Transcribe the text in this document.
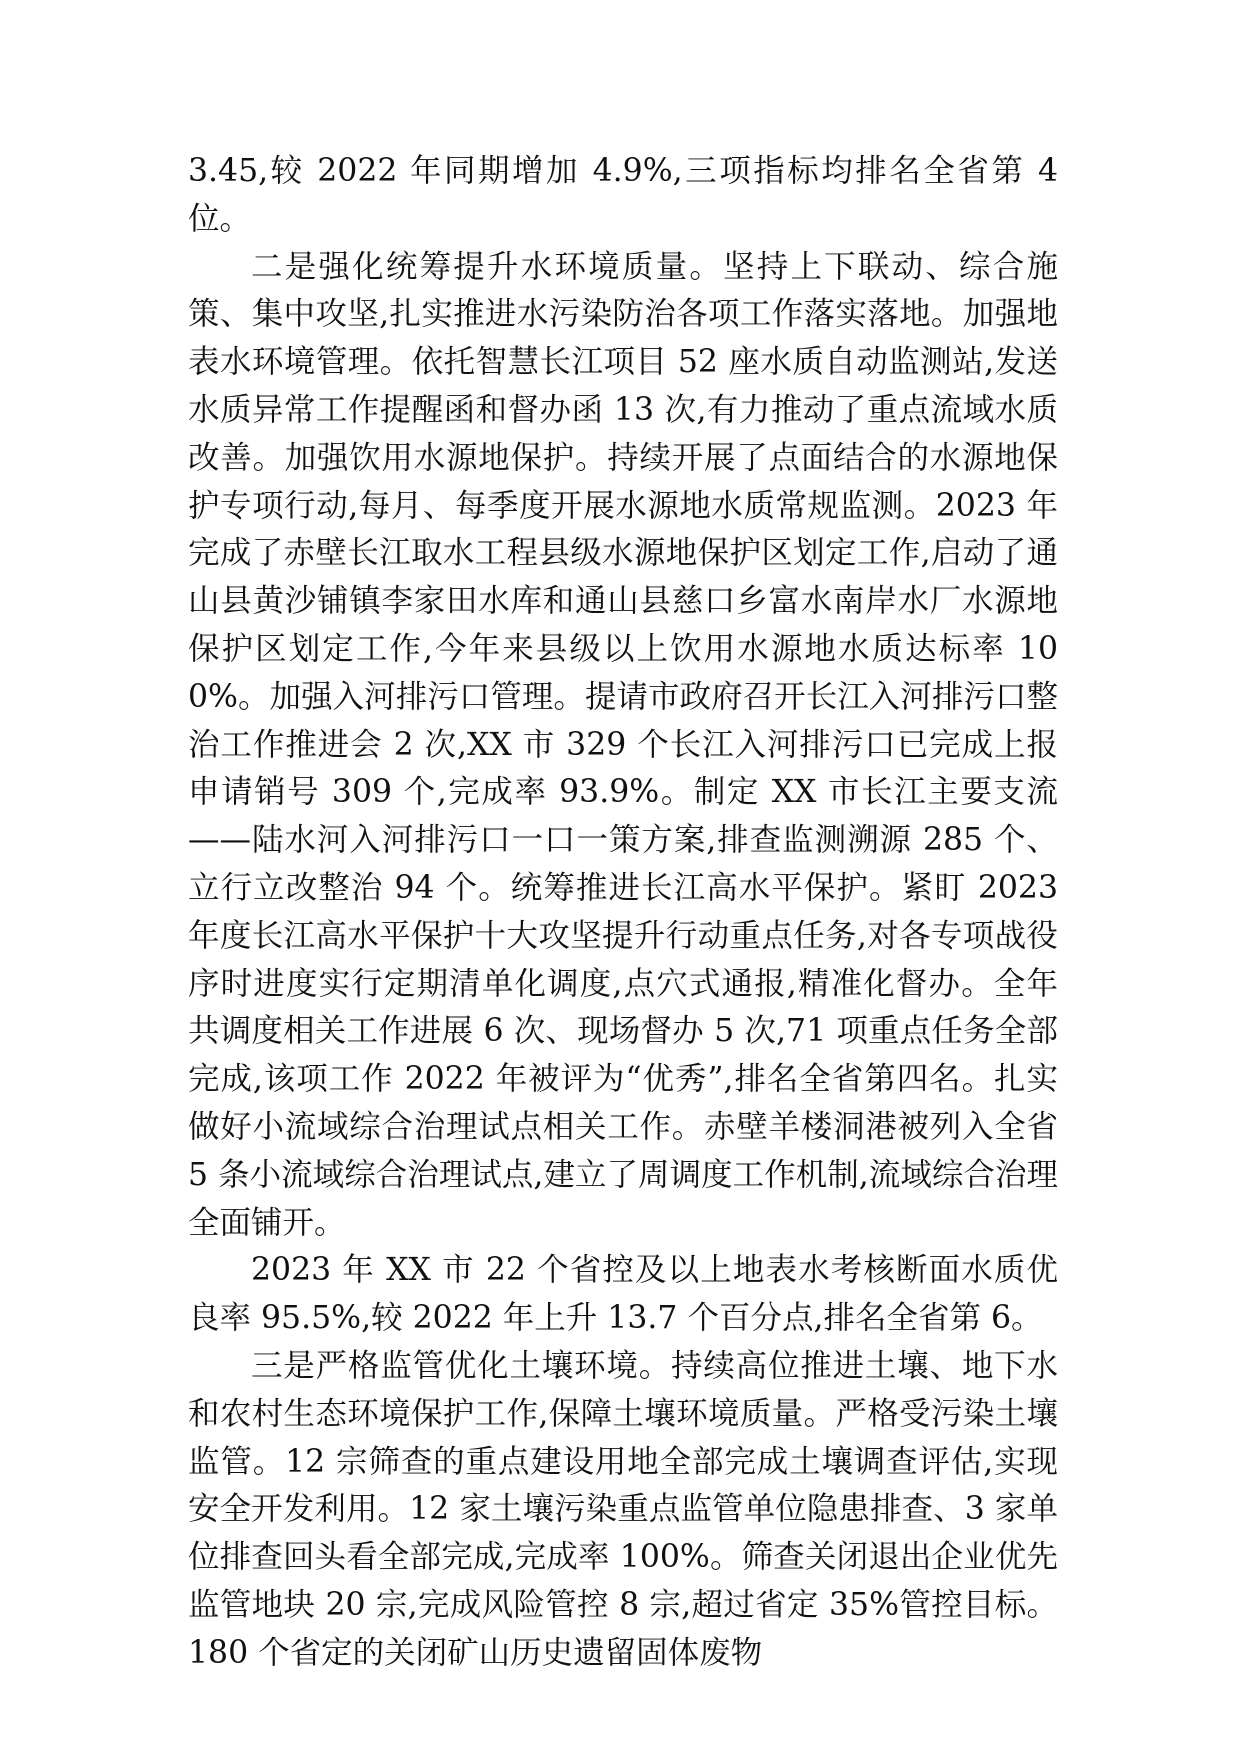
3.45,较 2022 年同期增加 4.9%,三项指标均排名全省第 4 位。

二是强化统筹提升水环境质量。坚持上下联动、综合施策、集中攻坚,扎实推进水污染防治各项工作落实落地。加强地表水环境管理。依托智慧长江项目 52 座水质自动监测站,发送水质异常工作提醒函和督办函 13 次,有力推动了重点流域水质改善。加强饮用水源地保护。持续开展了点面结合的水源地保护专项行动,每月、每季度开展水源地水质常规监测。2023 年完成了赤壁长江取水工程县级水源地保护区划定工作,启动了通山县黄沙铺镇李家田水库和通山县慈口乡富水南岸水厂水源地保护区划定工作,今年来县级以上饮用水源地水质达标率 100%。加强入河排污口管理。提请市政府召开长江入河排污口整治工作推进会 2 次,XX 市 329 个长江入河排污口已完成上报申请销号 309 个,完成率 93.9%。制定 XX 市长江主要支流——陆水河入河排污口一口一策方案,排查监测溯源 285 个、立行立改整治 94 个。统筹推进长江高水平保护。紧盯 2023 年度长江高水平保护十大攻坚提升行动重点任务,对各专项战役序时进度实行定期清单化调度,点穴式通报,精准化督办。全年共调度相关工作进展 6 次、现场督办 5 次,71 项重点任务全部完成,该项工作 2022 年被评为“优秀”,排名全省第四名。扎实做好小流域综合治理试点相关工作。赤壁羊楼洞港被列入全省 5 条小流域综合治理试点,建立了周调度工作机制,流域综合治理全面铺开。

2023 年 XX 市 22 个省控及以上地表水考核断面水质优良率 95.5%,较 2022 年上升 13.7 个百分点,排名全省第 6。

三是严格监管优化土壤环境。持续高位推进土壤、地下水和农村生态环境保护工作,保障土壤环境质量。严格受污染土壤监管。12 宗筛查的重点建设用地全部完成土壤调查评估,实现安全开发利用。12 家土壤污染重点监管单位隐患排查、3 家单位排查回头看全部完成,完成率 100%。筛查关闭退出企业优先监管地块 20 宗,完成风险管控 8 宗,超过省定 35%管控目标。180 个省定的关闭矿山历史遗留固体废物
